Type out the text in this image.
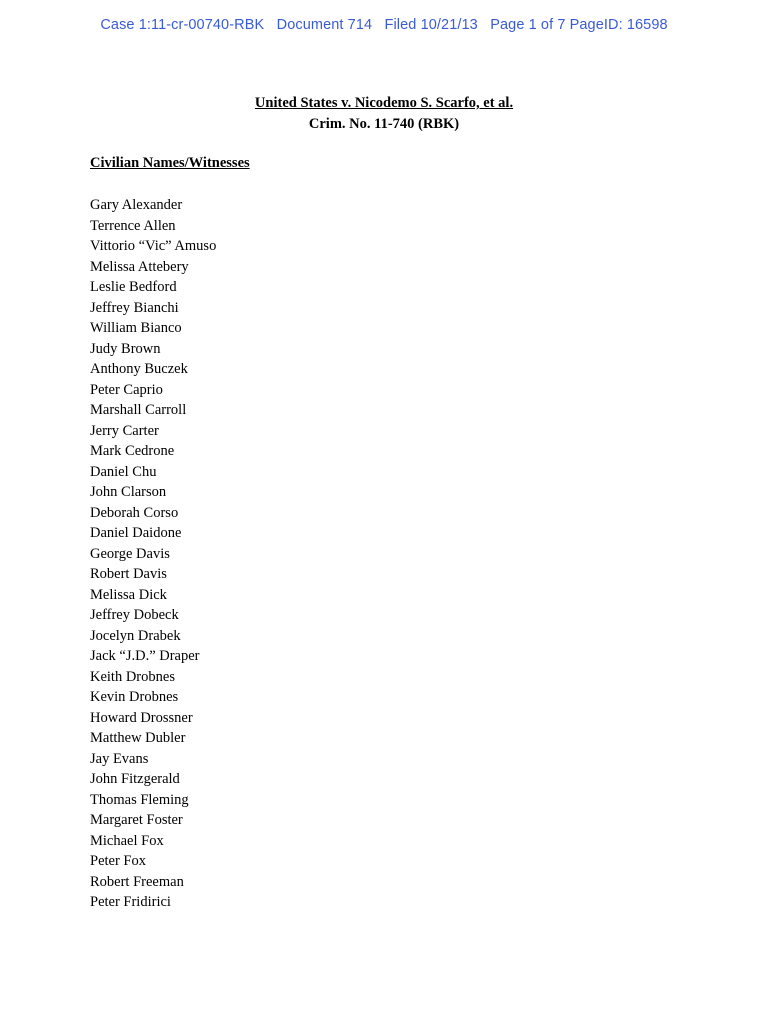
Case 1:11-cr-00740-RBK   Document 714   Filed 10/21/13   Page 1 of 7 PageID: 16598
United States v. Nicodemo S. Scarfo, et al.
Crim. No. 11-740 (RBK)
Civilian Names/Witnesses
Gary Alexander
Terrence Allen
Vittorio “Vic” Amuso
Melissa Attebery
Leslie Bedford
Jeffrey Bianchi
William Bianco
Judy Brown
Anthony Buczek
Peter Caprio
Marshall Carroll
Jerry Carter
Mark Cedrone
Daniel Chu
John Clarson
Deborah Corso
Daniel Daidone
George Davis
Robert Davis
Melissa Dick
Jeffrey Dobeck
Jocelyn Drabek
Jack “J.D.” Draper
Keith Drobnes
Kevin Drobnes
Howard Drossner
Matthew Dubler
Jay Evans
John Fitzgerald
Thomas Fleming
Margaret Foster
Michael Fox
Peter Fox
Robert Freeman
Peter Fridirici
